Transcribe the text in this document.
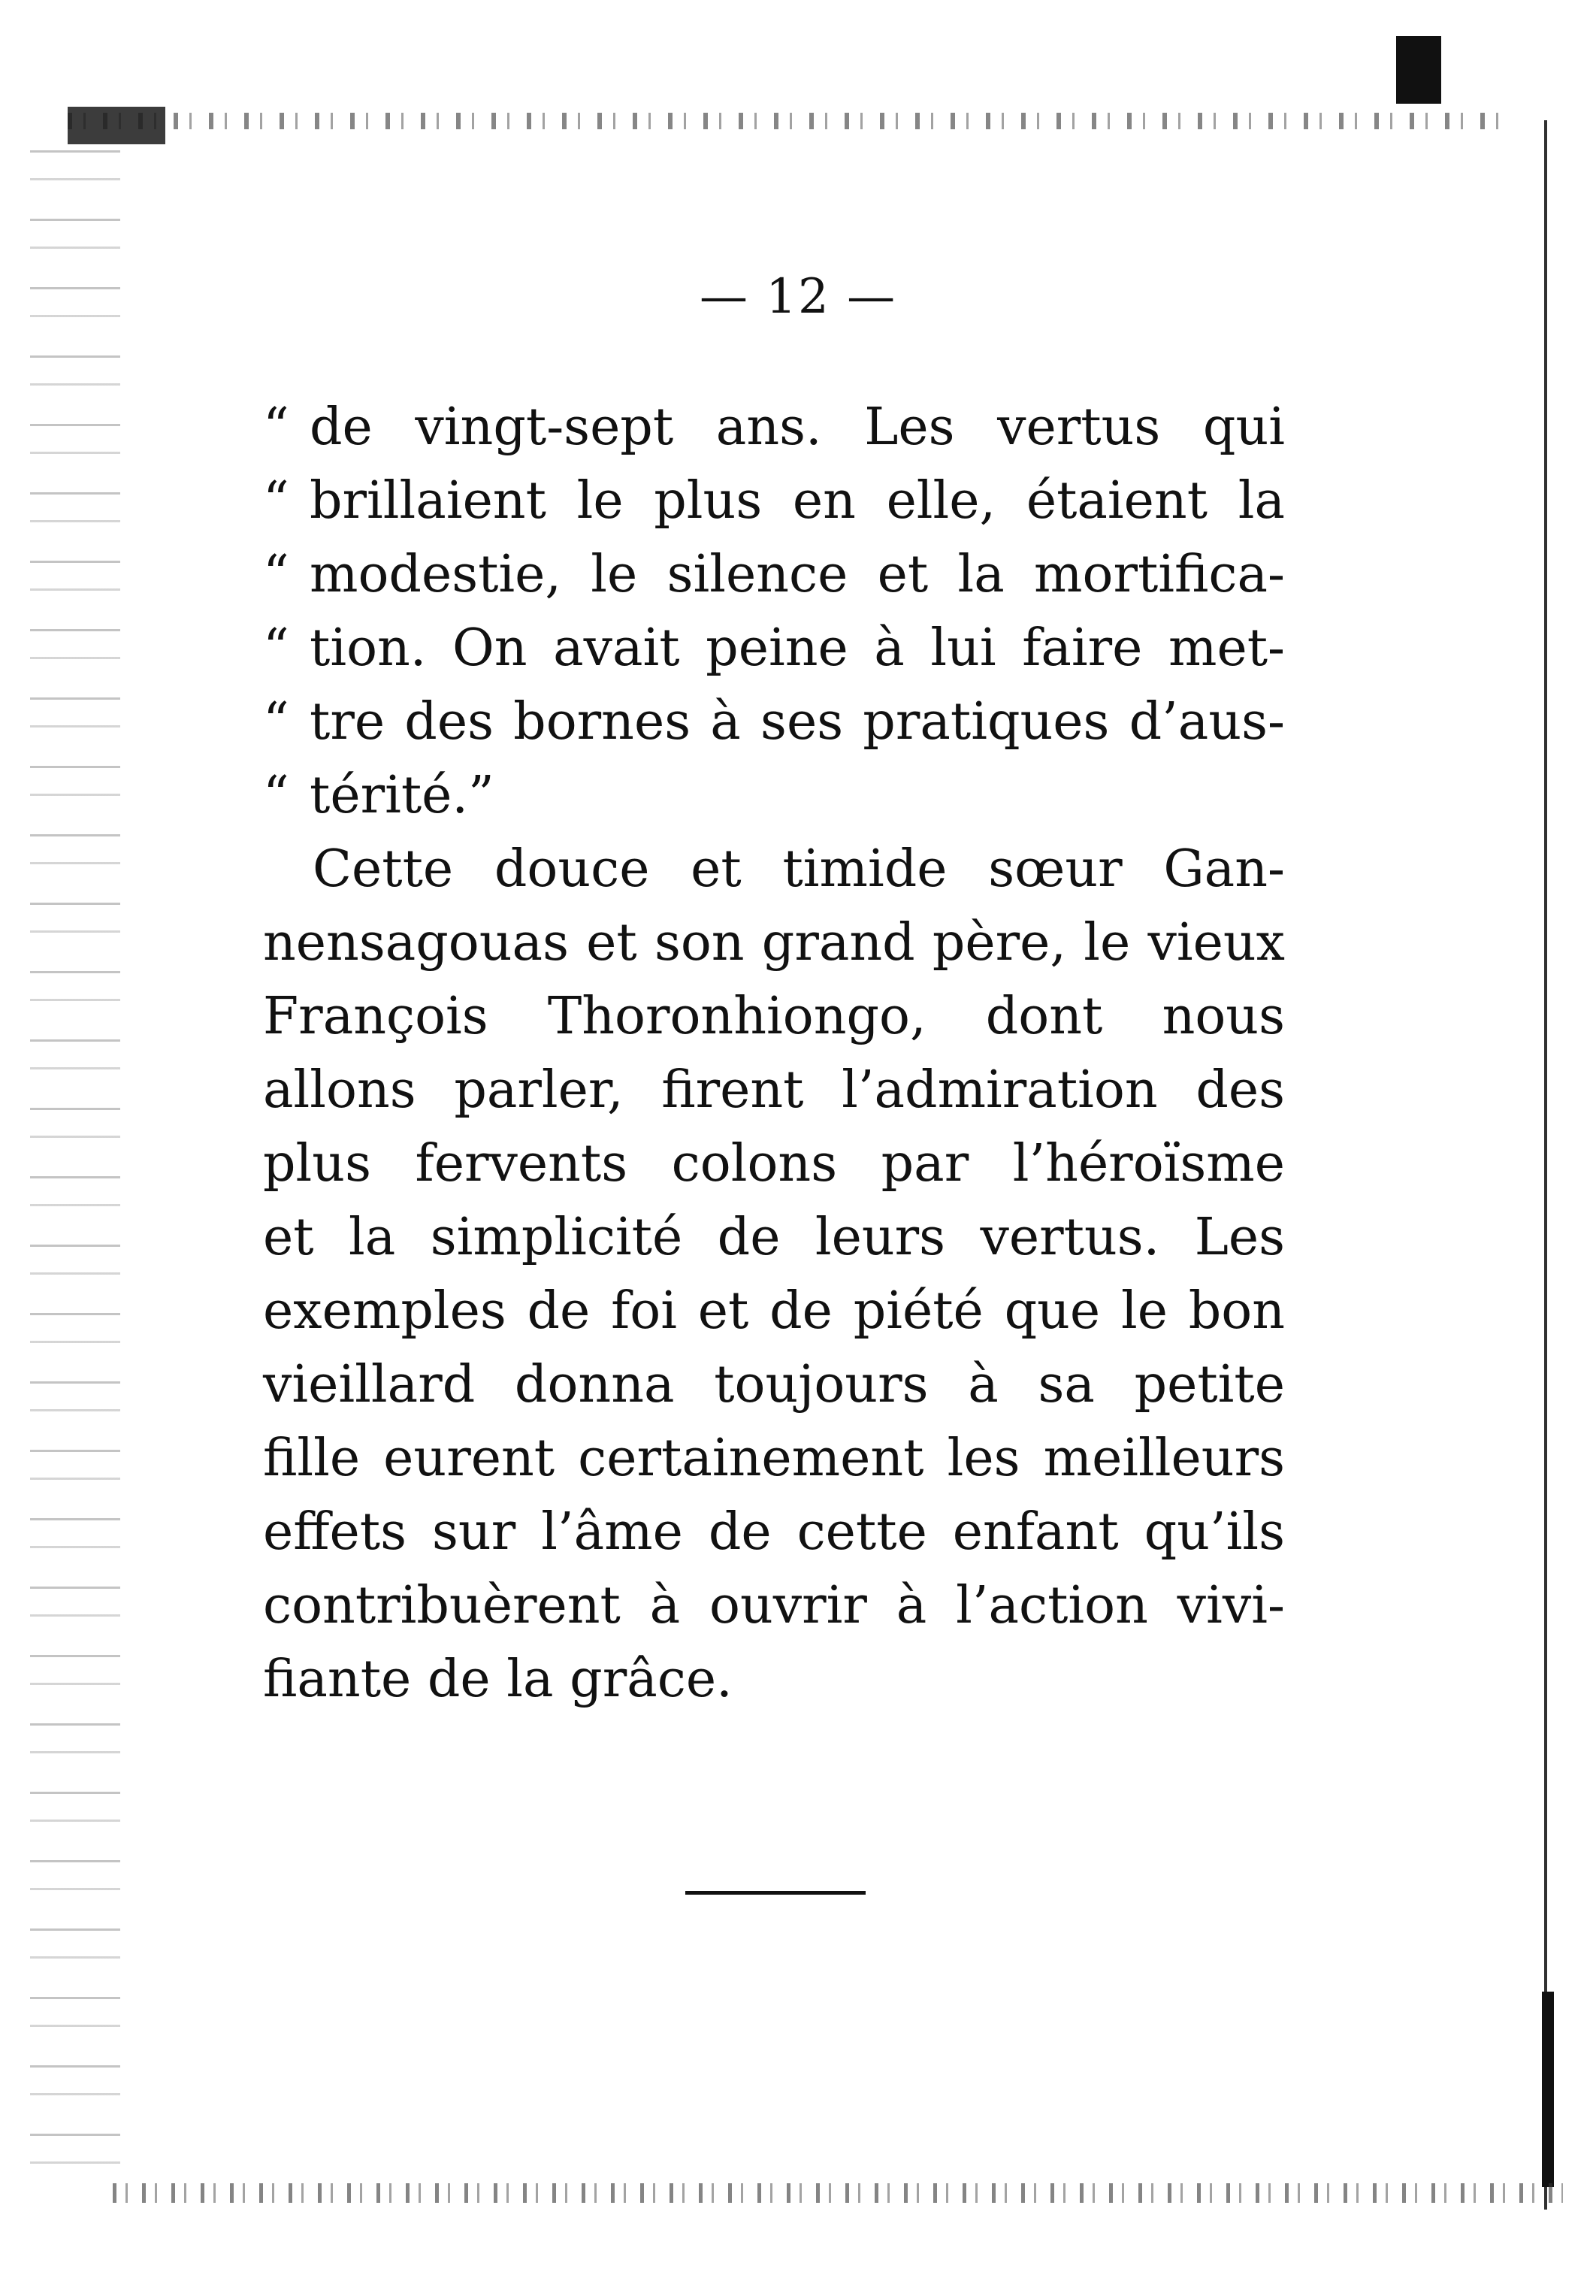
— 12 —
“ de vingt-sept ans. Les vertus qui
“ brillaient le plus en elle, étaient la
“ modestie, le silence et la mortifica-
“ tion. On avait peine à lui faire met-
“ tre des bornes à ses pratiques d’aus-
“ térité.”
Cette douce et timide sœur Gan-
nensagouas et son grand père, le vieux
François Thoronhiongo, dont nous
allons parler, firent l’admiration des
plus fervents colons par l’héroïsme
et la simplicité de leurs vertus. Les
exemples de foi et de piété que le bon
vieillard donna toujours à sa petite
fille eurent certainement les meilleurs
effets sur l’âme de cette enfant qu’ils
contribuèrent à ouvrir à l’action vivi-
fiante de la grâce.
